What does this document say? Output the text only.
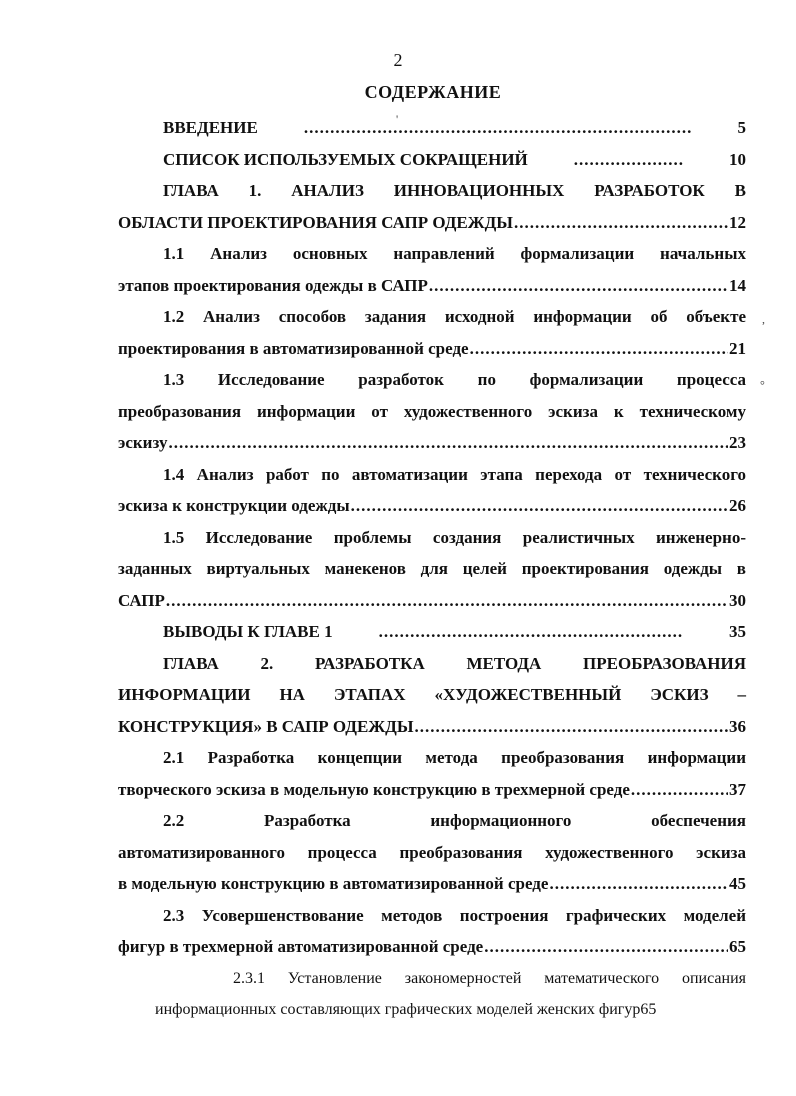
2
СОДЕРЖАНИЕ
ВВЕДЕНИЕ .....	5
СПИСОК ИСПОЛЬЗУЕМЫХ СОКРАЩЕНИЙ .....	10
ГЛАВА 1. АНАЛИЗ ИННОВАЦИОННЫХ РАЗРАБОТОК В
ОБЛАСТИ ПРОЕКТИРОВАНИЯ САПР ОДЕЖДЫ .....	12
1.1 Анализ основных направлений формализации начальных
этапов проектирования одежды в САПР .....	14
1.2 Анализ способов задания исходной информации об объекте
проектирования в автоматизированной среде .....	21
1.3 Исследование разработок по формализации процесса
преобразования информации от художественного эскиза к техническому
эскизу .....	23
1.4 Анализ работ по автоматизации этапа перехода от технического
эскиза к конструкции одежды .....	26
1.5 Исследование проблемы создания реалистичных инженерно-
заданных виртуальных манекенов для целей проектирования одежды в
САПР .....	30
ВЫВОДЫ К ГЛАВЕ 1 .....	35
ГЛАВА 2. РАЗРАБОТКА МЕТОДА ПРЕОБРАЗОВАНИЯ
ИНФОРМАЦИИ НА ЭТАПАХ «ХУДОЖЕСТВЕННЫЙ ЭСКИЗ –
КОНСТРУКЦИЯ» В САПР ОДЕЖДЫ .....	36
2.1 Разработка концепции метода преобразования информации
творческого эскиза в модельную конструкцию в трехмерной среде .....	37
2.2 Разработка информационного обеспечения
автоматизированного процесса преобразования художественного эскиза
в модельную конструкцию в автоматизированной среде .....	45
2.3 Усовершенствование методов построения графических моделей
фигур в трехмерной автоматизированной среде .....	65
2.3.1 Установление закономерностей математического описания
информационных составляющих графических моделей женских фигур65
,
°
'
